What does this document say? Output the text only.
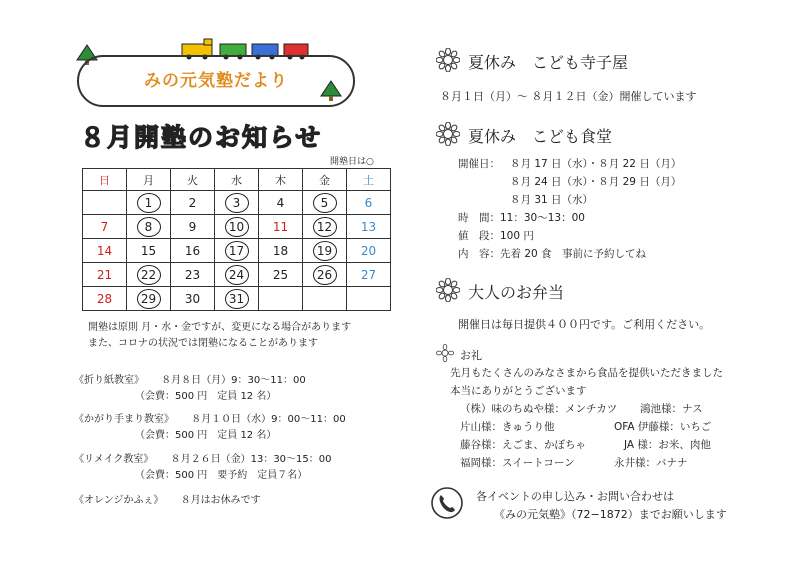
みの元気塾だより
８月開塾のお知らせ
開塾日は○
日	月	火	水	木	金	土
	1	2	3	4	5	6
7	8	9	10	11	12	13
14	15	16	17	18	19	20
21	22	23	24	25	26	27
28	29	30	31			
開塾は原則 月・水・金ですが、変更になる場合があります
また、コロナの状況では閉塾になることがあります
《折り紙教室》 ８月８日（月）9：30〜11：00
（会費：500 円　定員 12 名）
《かがり手まり教室》 ８月１０日（水）9：00〜11：00
（会費：500 円　定員 12 名）
《リメイク教室》 ８月２６日（金）13：30〜15：00
（会費：500 円　要予約　定員７名）
《オレンジかふぇ》 ８月はお休みです
夏休み　こども寺子屋
８月１日（月）〜 ８月１２日（金）開催しています
夏休み　こども食堂
開催日： ８月 17 日（水）・８月 22 日（月）
８月 24 日（水）・８月 29 日（月）
８月 31 日（水）
時　間：11：30〜13：00
値　段：100 円
内　容：先着 20 食　事前に予約してね
大人のお弁当
開催日は毎日提供４００円です。ご利用ください。
お礼
先月もたくさんのみなさまから食品を提供いただきました
本当にありがとうございます
（株）味のちぬや様：メンチカツ 鴻池様：ナス
片山様：きゅうり他	OFA 伊藤様：いちご
藤谷様：えごま、かぼちゃ	JA 様：お米、肉他
福岡様：スイートコーン	永井様：バナナ
各イベントの申し込み・お問い合わせは
《みの元気塾》（72−1872）までお願いします
